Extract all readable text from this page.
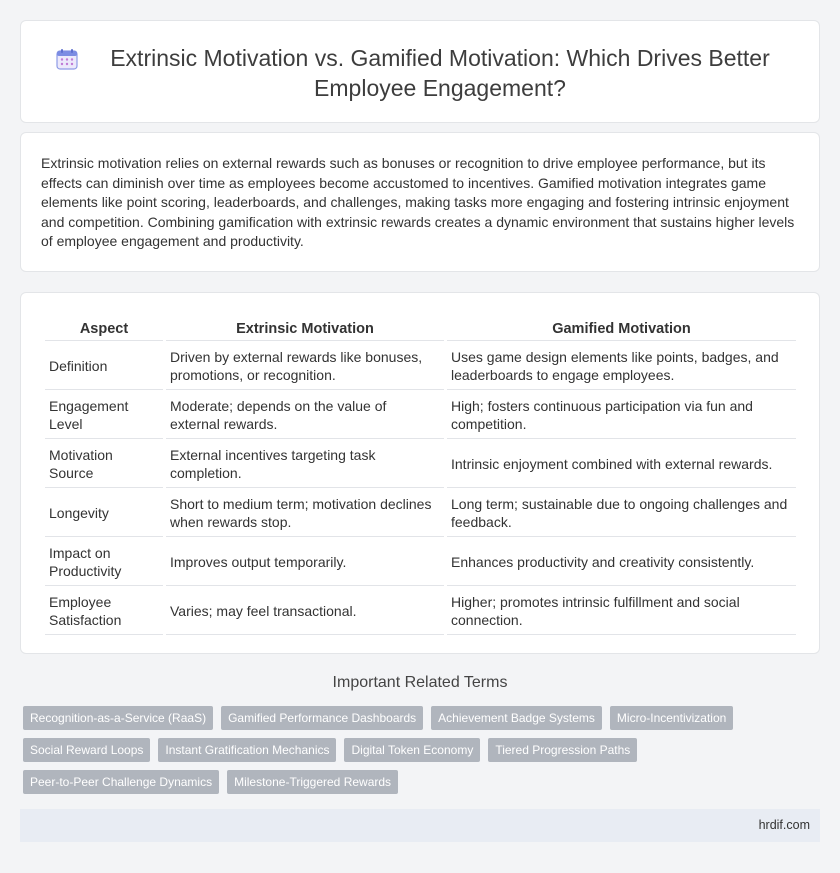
Extrinsic Motivation vs. Gamified Motivation: Which Drives Better Employee Engagement?

Extrinsic motivation relies on external rewards such as bonuses or recognition to drive employee performance, but its effects can diminish over time as employees become accustomed to incentives. Gamified motivation integrates game elements like point scoring, leaderboards, and challenges, making tasks more engaging and fostering intrinsic enjoyment and competition. Combining gamification with extrinsic rewards creates a dynamic environment that sustains higher levels of employee engagement and productivity.

Aspect	Extrinsic Motivation	Gamified Motivation
Definition	Driven by external rewards like bonuses, promotions, or recognition.	Uses game design elements like points, badges, and leaderboards to engage employees.
Engagement Level	Moderate; depends on the value of external rewards.	High; fosters continuous participation via fun and competition.
Motivation Source	External incentives targeting task completion.	Intrinsic enjoyment combined with external rewards.
Longevity	Short to medium term; motivation declines when rewards stop.	Long term; sustainable due to ongoing challenges and feedback.
Impact on Productivity	Improves output temporarily.	Enhances productivity and creativity consistently.
Employee Satisfaction	Varies; may feel transactional.	Higher; promotes intrinsic fulfillment and social connection.
Important Related Terms
Recognition-as-a-Service (RaaS)	Gamified Performance Dashboards	Achievement Badge Systems	Micro-Incentivization
Social Reward Loops	Instant Gratification Mechanics	Digital Token Economy	Tiered Progression Paths
Peer-to-Peer Challenge Dynamics	Milestone-Triggered Rewards
hrdif.com
